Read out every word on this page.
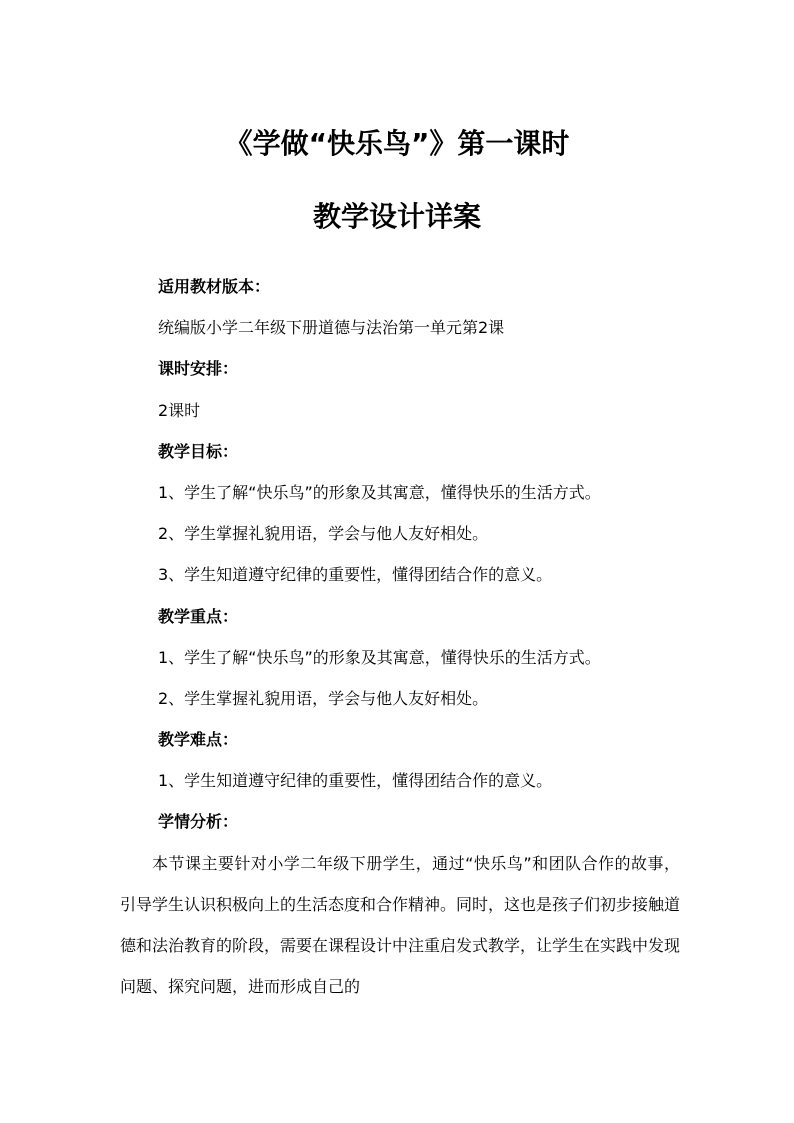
《学做“快乐鸟”》第一课时
教学设计详案
适用教材版本：
统编版小学二年级下册道德与法治第一单元第2课
课时安排：
2课时
教学目标：
1、学生了解“快乐鸟”的形象及其寓意，懂得快乐的生活方式。
2、学生掌握礼貌用语，学会与他人友好相处。
3、学生知道遵守纪律的重要性，懂得团结合作的意义。
教学重点：
1、学生了解“快乐鸟”的形象及其寓意，懂得快乐的生活方式。
2、学生掌握礼貌用语，学会与他人友好相处。
教学难点：
1、学生知道遵守纪律的重要性，懂得团结合作的意义。
学情分析：

本节课主要针对小学二年级下册学生，通过“快乐鸟”和团队合作的故事，引导学生认识积极向上的生活态度和合作精神。同时，这也是孩子们初步接触道德和法治教育的阶段，需要在课程设计中注重启发式教学，让学生在实践中发现问题、探究问题，进而形成自己的
